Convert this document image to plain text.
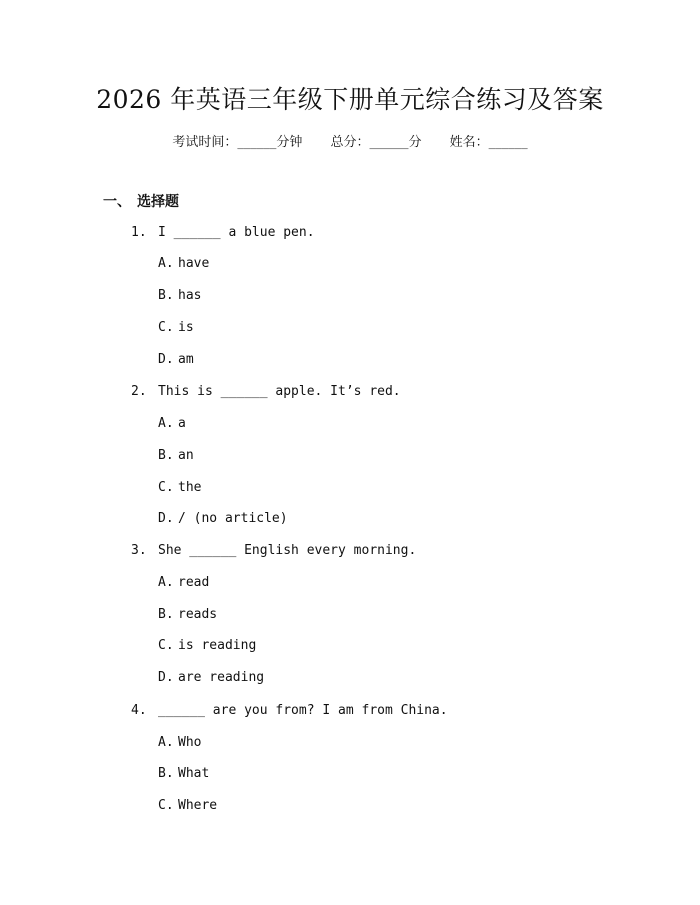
2026 年英语三年级下册单元综合练习及答案
考试时间：______分钟 总分：______分 姓名：______
一、 选择题
1. I ______ a blue pen.
A. have
B. has
C. is
D. am
2. This is ______ apple. It’s red.
A. a
B. an
C. the
D. / (no article)
3. She ______ English every morning.
A. read
B. reads
C. is reading
D. are reading
4. ______ are you from? I am from China.
A. Who
B. What
C. Where
